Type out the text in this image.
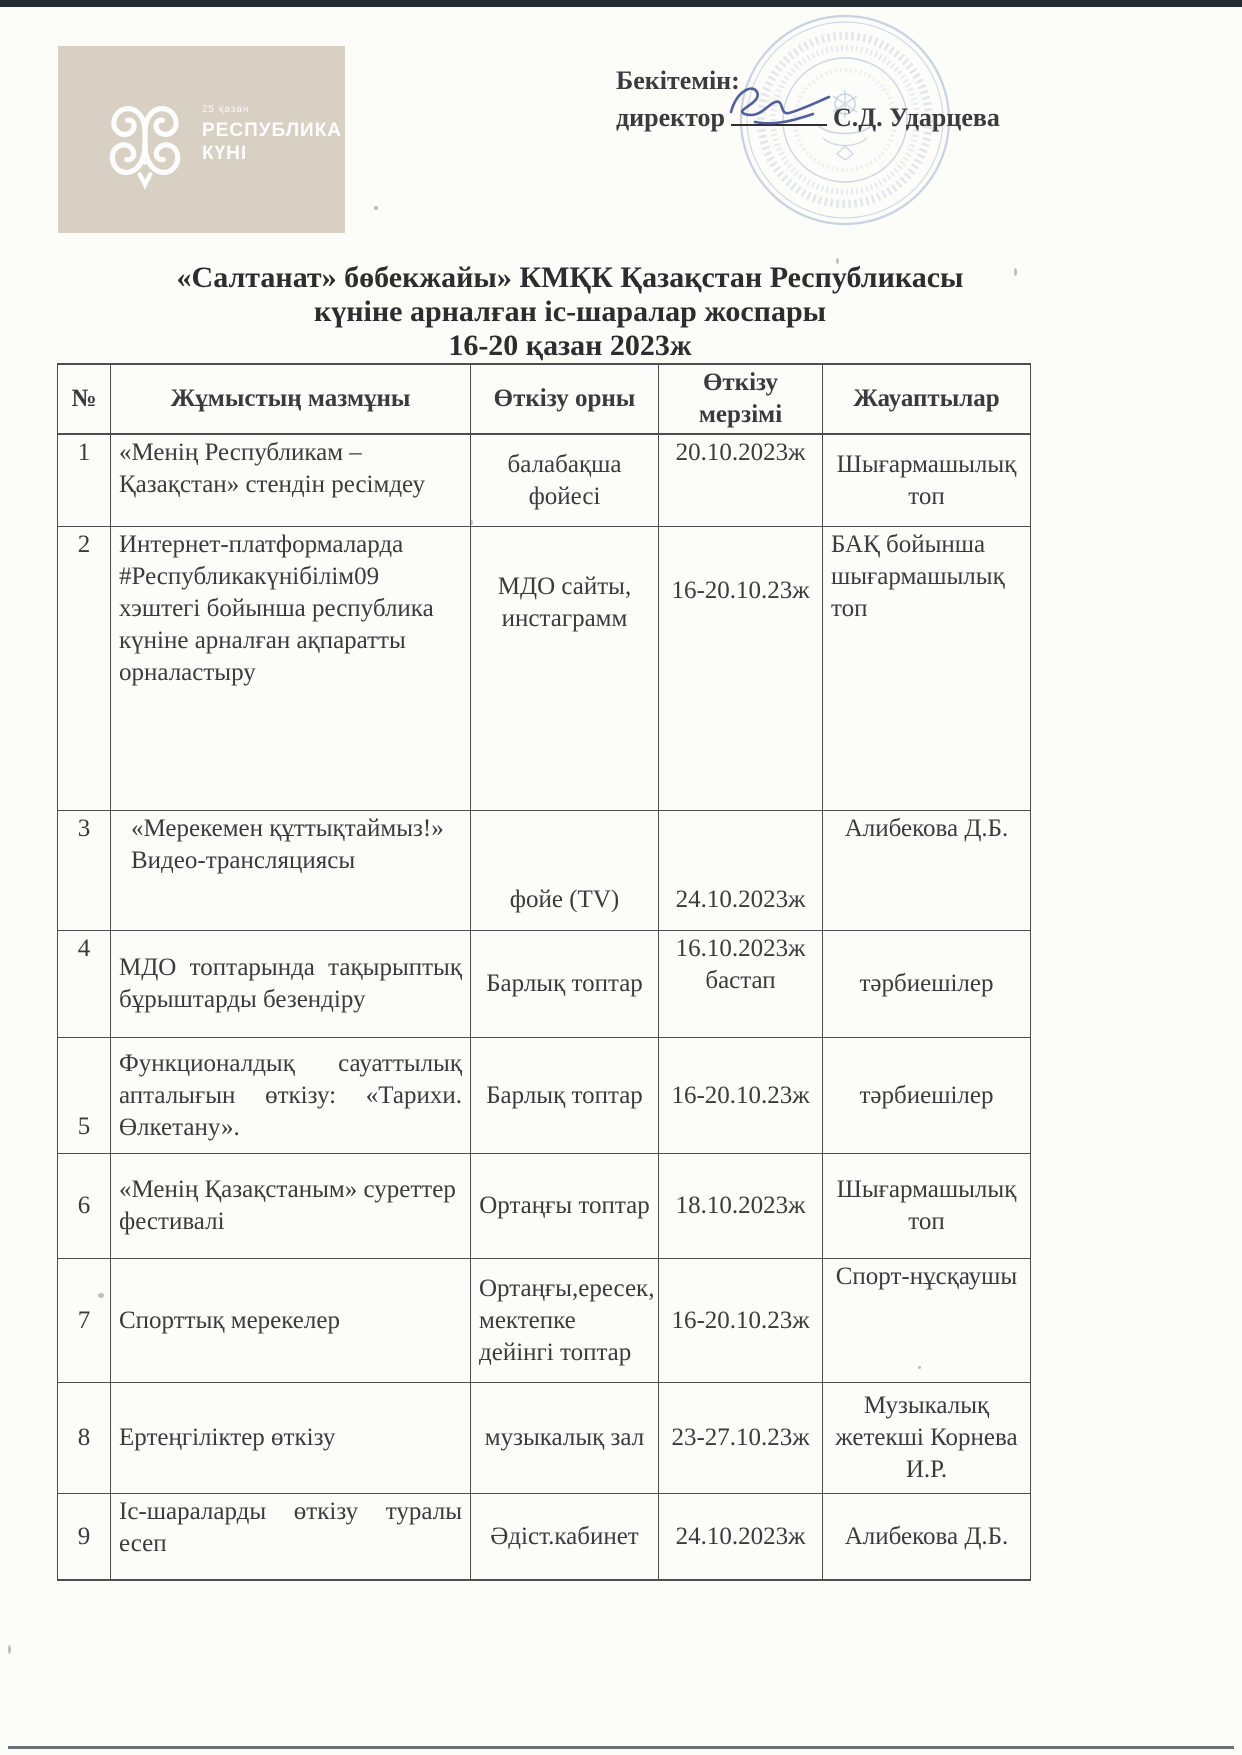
25 қазан
РЕСПУБЛИКА
КҮНІ
Бекітемін:
директор	С.Д. Ударцева
«Салтанат» бөбекжайы» КМҚК Қазақстан Республикасы
күніне арналған іс-шаралар жоспары
16-20 қазан 2023ж
№	Жұмыстың мазмұны	Өткізу орны	Өткізу мерзімі	Жауаптылар
1	«Менің Республикам – Қазақстан» стендін ресімдеу	балабақша фойесі	20.10.2023ж	Шығармашылық топ
2	Интернет-платформаларда #Республикакүнібілім09 хэштегі бойынша республика күніне арналған ақпаратты орналастыру	МДО сайты, инстаграмм	16-20.10.23ж	БАҚ бойынша шығармашылық топ
3	«Мерекемен құттықтаймыз!» Видео-трансляциясы	фойе (TV)	24.10.2023ж	Алибекова Д.Б.
4	МДО топтарында тақырыптық бұрыштарды безендіру	Барлық топтар	16.10.2023ж бастап	тәрбиешілер
5	Функционалдық сауаттылық апталығын өткізу: «Тарихи. Өлкетану».	Барлық топтар	16-20.10.23ж	тәрбиешілер
6	«Менің Қазақстаным» суреттер фестивалі	Ортаңғы топтар	18.10.2023ж	Шығармашылық топ
7	Спорттық мерекелер	Ортаңғы,ересек, мектепке дейінгі топтар	16-20.10.23ж	Спорт-нұсқаушы
8	Ертеңгіліктер өткізу	музыкалық зал	23-27.10.23ж	Музыкалық жетекші Корнева И.Р.
9	Іс-шараларды өткізу туралы есеп	Әдіст.кабинет	24.10.2023ж	Алибекова Д.Б.
